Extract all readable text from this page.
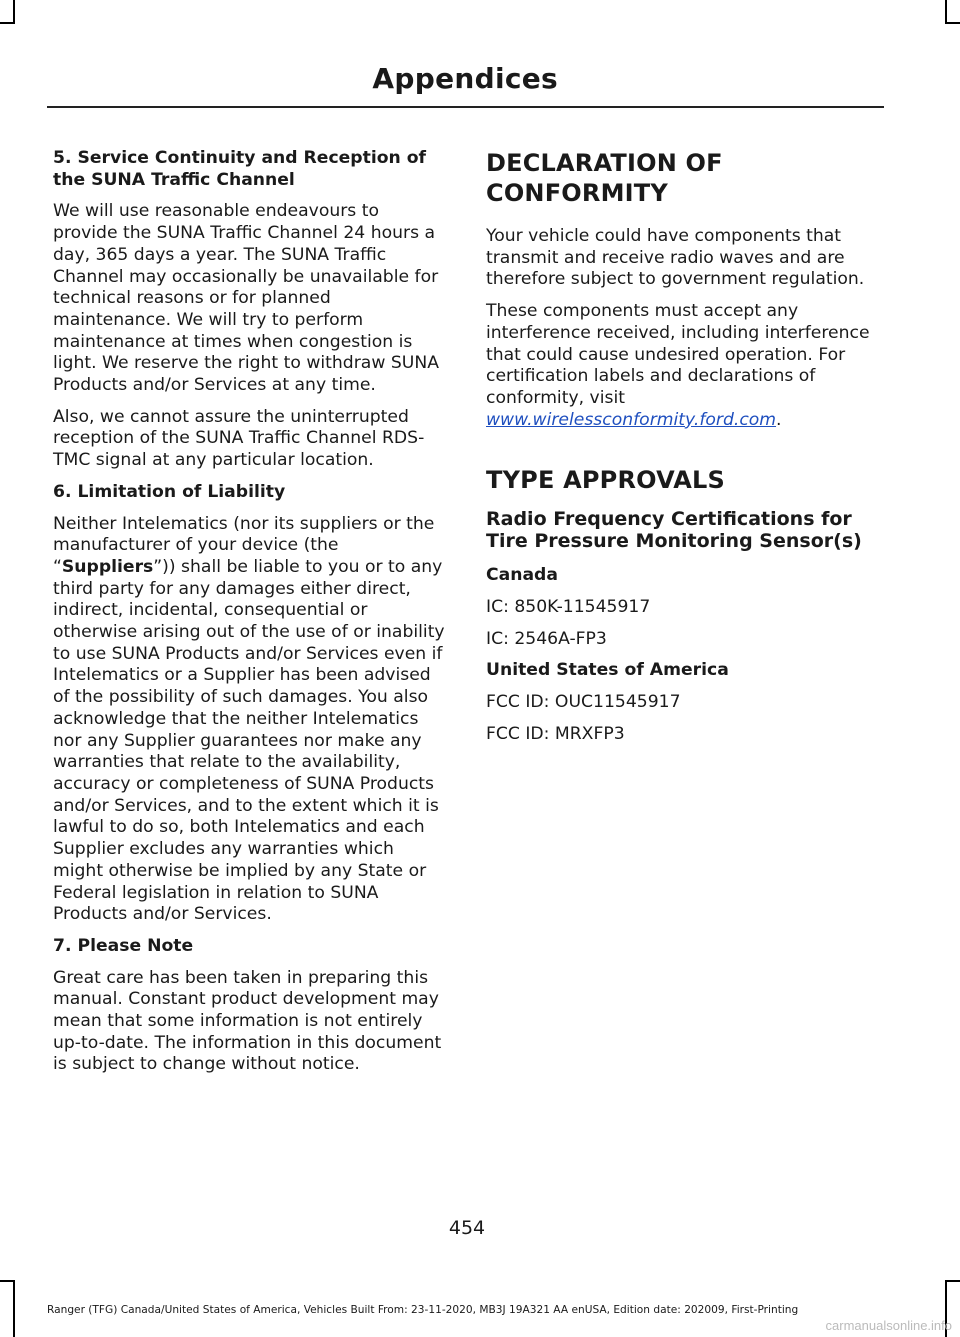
Appendices
5. Service Continuity and Reception of the SUNA Traffic Channel

We will use reasonable endeavours to provide the SUNA Traffic Channel 24 hours a day, 365 days a year. The SUNA Traffic Channel may occasionally be unavailable for technical reasons or for planned maintenance. We will try to perform maintenance at times when congestion is light. We reserve the right to withdraw SUNA Products and/or Services at any time.

Also, we cannot assure the uninterrupted reception of the SUNA Traffic Channel RDS-TMC signal at any particular location.

6. Limitation of Liability

Neither Intelematics (nor its suppliers or the manufacturer of your device (the “Suppliers”)) shall be liable to you or to any third party for any damages either direct, indirect, incidental, consequential or otherwise arising out of the use of or inability to use SUNA Products and/or Services even if Intelematics or a Supplier has been advised of the possibility of such damages. You also acknowledge that the neither Intelematics nor any Supplier guarantees nor make any warranties that relate to the availability, accuracy or completeness of SUNA Products and/or Services, and to the extent which it is lawful to do so, both Intelematics and each Supplier excludes any warranties which might otherwise be implied by any State or Federal legislation in relation to SUNA Products and/or Services.

7. Please Note

Great care has been taken in preparing this manual. Constant product development may mean that some information is not entirely up-to-date. The information in this document is subject to change without notice.

DECLARATION OF
CONFORMITY

Your vehicle could have components that transmit and receive radio waves and are therefore subject to government regulation.

These components must accept any interference received, including interference that could cause undesired operation. For certification labels and declarations of conformity, visit www.wirelessconformity.ford.com.

TYPE APPROVALS
Radio Frequency Certifications for Tire Pressure Monitoring Sensor(s)
Canada

IC: 850K-11545917

IC: 2546A-FP3

United States of America

FCC ID: OUC11545917

FCC ID: MRXFP3

454
Ranger (TFG) Canada/United States of America, Vehicles Built From: 23-11-2020, MB3J 19A321 AA enUSA, Edition date: 202009, First-Printing
carmanualsonline.info
